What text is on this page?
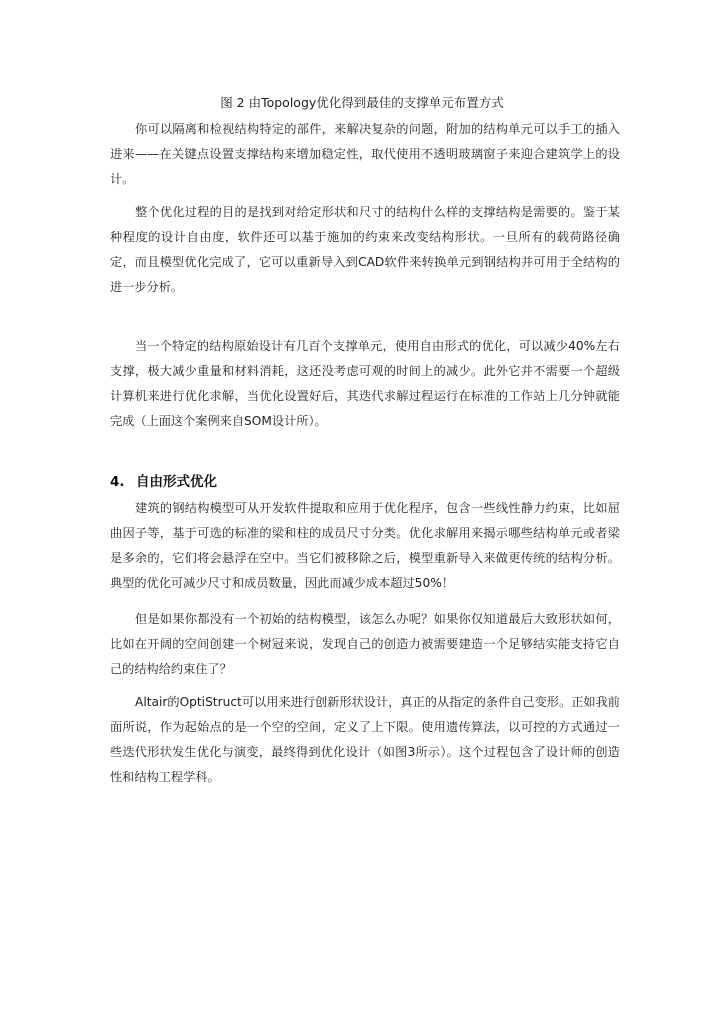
图 2 由Topology优化得到最佳的支撑单元布置方式

你可以隔离和检视结构特定的部件，来解决复杂的问题，附加的结构单元可以手工的插入进来——在关键点设置支撑结构来增加稳定性，取代使用不透明玻璃窗子来迎合建筑学上的设计。

整个优化过程的目的是找到对给定形状和尺寸的结构什么样的支撑结构是需要的。鉴于某种程度的设计自由度，软件还可以基于施加的约束来改变结构形状。一旦所有的载荷路径确定，而且模型优化完成了，它可以重新导入到CAD软件来转换单元到钢结构并可用于全结构的进一步分析。

当一个特定的结构原始设计有几百个支撑单元，使用自由形式的优化，可以减少40%左右支撑，极大减少重量和材料消耗，这还没考虑可观的时间上的减少。此外它并不需要一个超级计算机来进行优化求解，当优化设置好后，其迭代求解过程运行在标准的工作站上几分钟就能完成（上面这个案例来自SOM设计所）。

4. 自由形式优化

建筑的钢结构模型可从开发软件提取和应用于优化程序，包含一些线性静力约束，比如屈曲因子等，基于可选的标准的梁和柱的成员尺寸分类。优化求解用来揭示哪些结构单元或者梁是多余的，它们将会悬浮在空中。当它们被移除之后，模型重新导入来做更传统的结构分析。典型的优化可减少尺寸和成员数量，因此而减少成本超过50%！

但是如果你都没有一个初始的结构模型，该怎么办呢？如果你仅知道最后大致形状如何，比如在开阔的空间创建一个树冠来说，发现自己的创造力被需要建造一个足够结实能支持它自己的结构给约束住了？

Altair的OptiStruct可以用来进行创新形状设计，真正的从指定的条件自己变形。正如我前面所说，作为起始点的是一个空的空间，定义了上下限。使用遗传算法，以可控的方式通过一些迭代形状发生优化与演变，最终得到优化设计（如图3所示）。这个过程包含了设计师的创造性和结构工程学科。
